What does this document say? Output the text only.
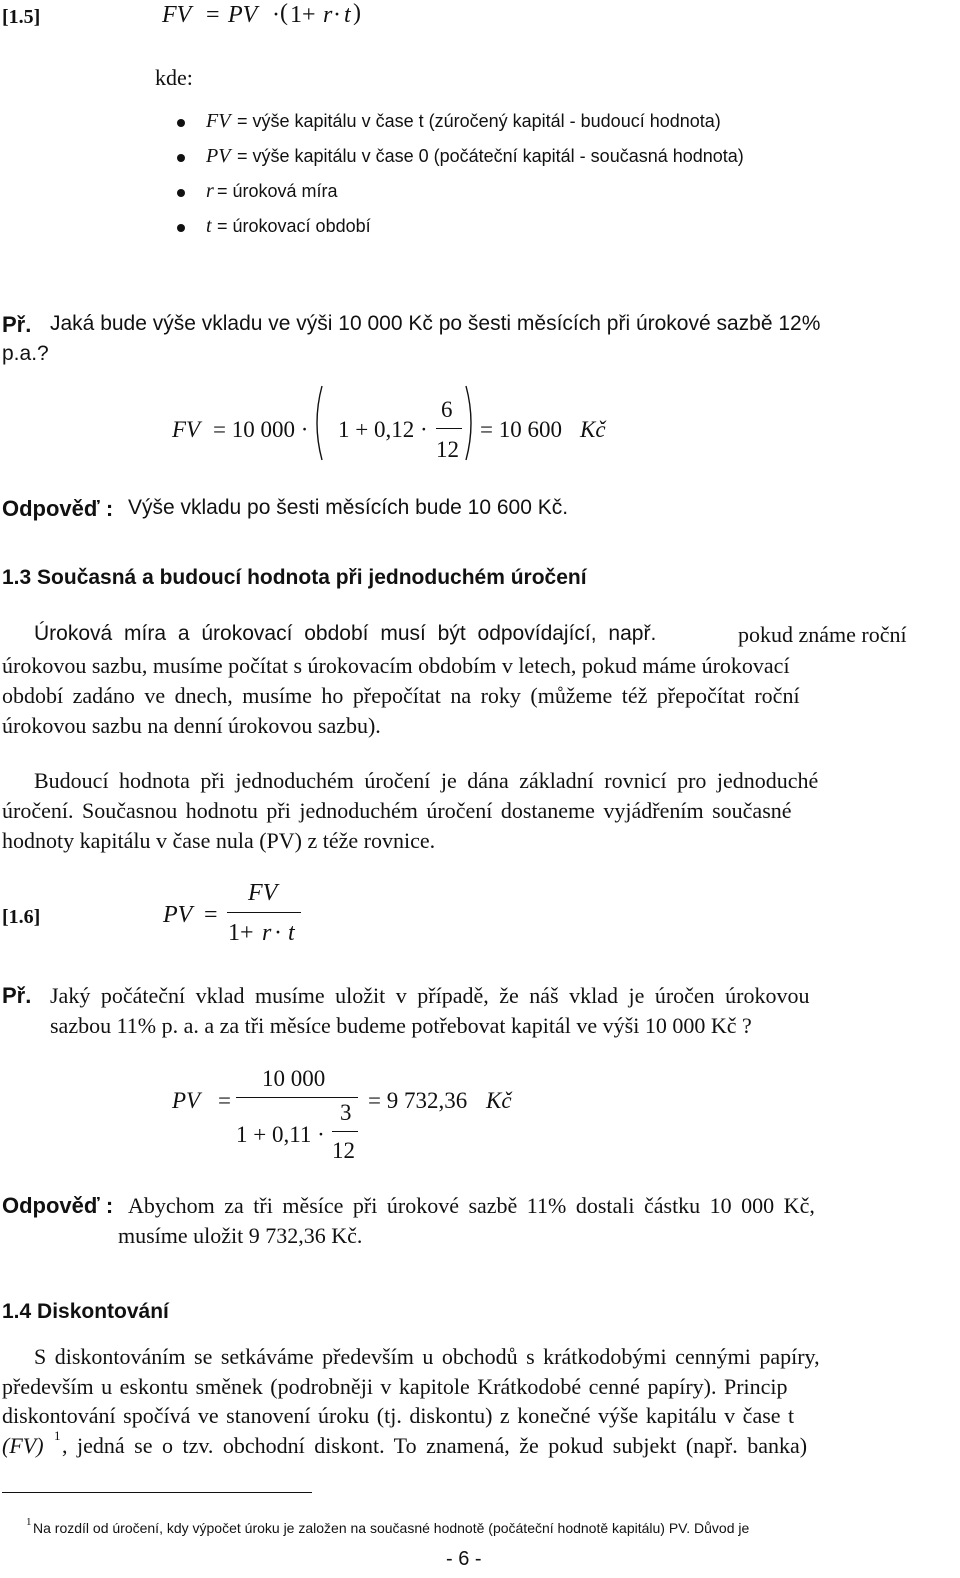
[1.5]	FV = PV · ( 1+ r · t )
kde:
FV = výše kapitálu v čase t (zúročený kapitál - budoucí hodnota)
PV = výše kapitálu v čase 0 (počáteční kapitál - současná hodnota)
r = úroková míra
t = úrokovací období
Př. Jaká bude výše vkladu ve výši 10 000 Kč po šesti měsících při úrokové sazbě 12%
p.a.?
FV = 10 000 · 1 + 0,12 ·
6
12
= 10 600 Kč
Odpověď : Výše vkladu po šesti měsících bude 10 600 Kč.
1.3 Současná a budoucí hodnota při jednoduchém úročení
Úroková míra a úrokovací období musí být odpovídající, např.	pokud známe roční
úrokovou sazbu, musíme počítat s úrokovacím obdobím v letech, pokud máme úrokovací
období zadáno ve dnech, musíme ho přepočítat na roky (můžeme též přepočítat roční
úrokovou sazbu na denní úrokovou sazbu).
Budoucí hodnota při jednoduchém úročení je dána základní rovnicí pro jednoduché
úročení. Současnou hodnotu při jednoduchém úročení dostaneme vyjádřením současné
hodnoty kapitálu v čase nula (PV) z téže rovnice.
[1.6]	PV =
FV
1+ r · t
Př. Jaký počáteční vklad musíme uložit v případě, že náš vklad je úročen úrokovou
sazbou 11% p. a. a za tři měsíce budeme potřebovat kapitál ve výši 10 000 Kč ?
PV =
10 000
3
1 + 0,11 ·
12
= 9 732,36 Kč
Odpověď : Abychom za tři měsíce při úrokové sazbě 11% dostali částku 10 000 Kč,
musíme uložit 9 732,36 Kč.
1.4 Diskontování
S diskontováním se setkáváme především u obchodů s krátkodobými cennými papíry,
především u eskontu směnek (podrobněji v kapitole Krátkodobé cenné papíry). Princip
diskontování spočívá ve stanovení úroku (tj. diskontu) z konečné výše kapitálu v čase t
(FV) 1 , jedná se o tzv. obchodní diskont. To znamená, že pokud subjekt (např. banka)
1 Na rozdíl od úročení, kdy výpočet úroku je založen na současné hodnotě (počáteční hodnotě kapitálu) PV. Důvod je
- 6 -
